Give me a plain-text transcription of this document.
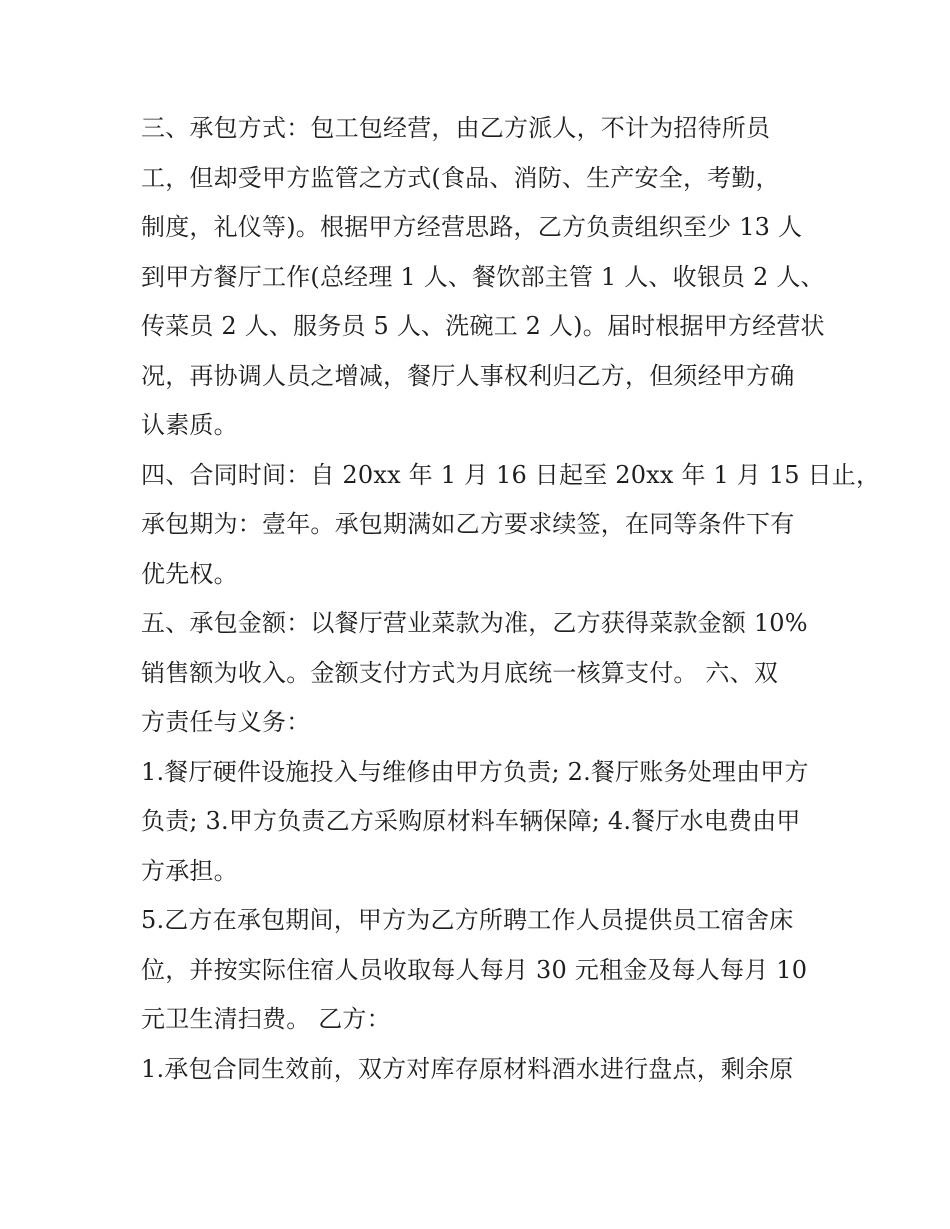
三、承包方式：包工包经营，由乙方派人，不计为招待所员
工，但却受甲方监管之方式(食品、消防、生产安全，考勤，
制度，礼仪等)。根据甲方经营思路，乙方负责组织至少 13 人
到甲方餐厅工作(总经理 1 人、餐饮部主管 1 人、收银员 2 人、
传菜员 2 人、服务员 5 人、洗碗工 2 人)。届时根据甲方经营状
况，再协调人员之增减，餐厅人事权利归乙方，但须经甲方确
认素质。
四、合同时间：自 20xx 年 1 月 16 日起至 20xx 年 1 月 15 日止，
承包期为：壹年。承包期满如乙方要求续签，在同等条件下有
优先权。
五、承包金额：以餐厅营业菜款为准，乙方获得菜款金额 10%
销售额为收入。金额支付方式为月底统一核算支付。 六、双
方责任与义务：
1.餐厅硬件设施投入与维修由甲方负责; 2.餐厅账务处理由甲方
负责; 3.甲方负责乙方采购原材料车辆保障; 4.餐厅水电费由甲
方承担。
5.乙方在承包期间，甲方为乙方所聘工作人员提供员工宿舍床
位，并按实际住宿人员收取每人每月 30 元租金及每人每月 10
元卫生清扫费。 乙方：
1.承包合同生效前，双方对库存原材料酒水进行盘点，剩余原
